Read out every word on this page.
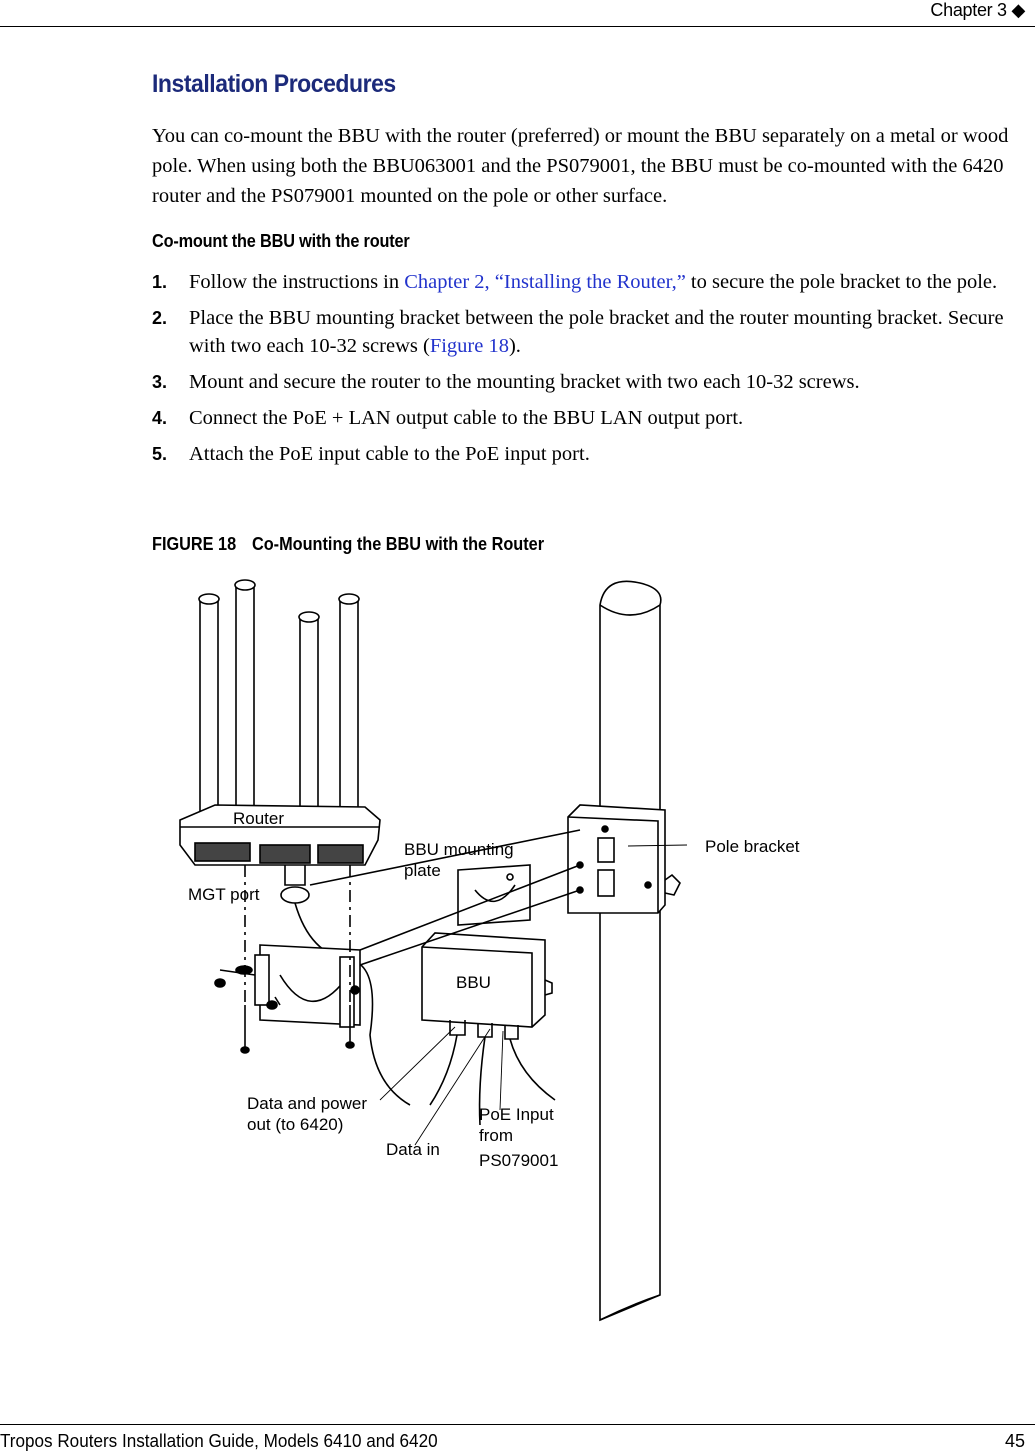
Chapter 3 ◆
Installation Procedures

You can co-mount the BBU with the router (preferred) or mount the BBU separately on a metal or wood pole. When using both the BBU063001 and the PS079001, the BBU must be co-mounted with the 6420 router and the PS079001 mounted on the pole or other surface.

Co-mount the BBU with the router
1. Follow the instructions in Chapter 2, “Installing the Router,” to secure the pole bracket to the pole.
2. Place the BBU mounting bracket between the pole bracket and the router mounting bracket. Secure with two each 10-32 screws (Figure 18).
3. Mount and secure the router to the mounting bracket with two each 10-32 screws.
4. Connect the PoE + LAN output cable to the BBU LAN output port.
5. Attach the PoE input cable to the PoE input port.
FIGURE 18 Co-Mounting the BBU with the Router
Router
MGT port
BBU mounting
plate
Pole bracket
BBU
Data and power
out (to 6420)
Data in
PoE Input
from
PS079001
Tropos Routers Installation Guide, Models 6410 and 6420	45
